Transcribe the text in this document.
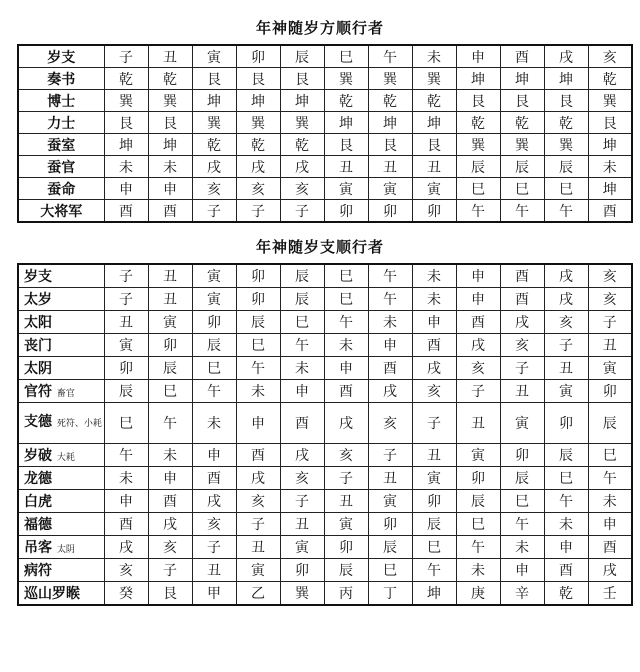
年神随岁方顺行者
岁支	子	丑	寅	卯	辰	巳	午	未	申	酉	戌	亥
奏书	乾	乾	艮	艮	艮	巽	巽	巽	坤	坤	坤	乾
博士	巽	巽	坤	坤	坤	乾	乾	乾	艮	艮	艮	巽
力士	艮	艮	巽	巽	巽	坤	坤	坤	乾	乾	乾	艮
蚕室	坤	坤	乾	乾	乾	艮	艮	艮	巽	巽	巽	坤
蚕官	未	未	戌	戌	戌	丑	丑	丑	辰	辰	辰	未
蚕命	申	申	亥	亥	亥	寅	寅	寅	巳	巳	巳	坤
大将军	酉	酉	子	子	子	卯	卯	卯	午	午	午	酉
年神随岁支顺行者
岁支	子	丑	寅	卯	辰	巳	午	未	申	酉	戌	亥
太岁	子	丑	寅	卯	辰	巳	午	未	申	酉	戌	亥
太阳	丑	寅	卯	辰	巳	午	未	申	酉	戌	亥	子
丧门	寅	卯	辰	巳	午	未	申	酉	戌	亥	子	丑
太阴	卯	辰	巳	午	未	申	酉	戌	亥	子	丑	寅
官符 畜官	辰	巳	午	未	申	酉	戌	亥	子	丑	寅	卯
支德 死符、小耗	巳	午	未	申	酉	戌	亥	子	丑	寅	卯	辰
岁破 大耗	午	未	申	酉	戌	亥	子	丑	寅	卯	辰	巳
龙德	未	申	酉	戌	亥	子	丑	寅	卯	辰	巳	午
白虎	申	酉	戌	亥	子	丑	寅	卯	辰	巳	午	未
福德	酉	戌	亥	子	丑	寅	卯	辰	巳	午	未	申
吊客 太阴	戌	亥	子	丑	寅	卯	辰	巳	午	未	申	酉
病符	亥	子	丑	寅	卯	辰	巳	午	未	申	酉	戌
巡山罗睺	癸	艮	甲	乙	巽	丙	丁	坤	庚	辛	乾	壬
